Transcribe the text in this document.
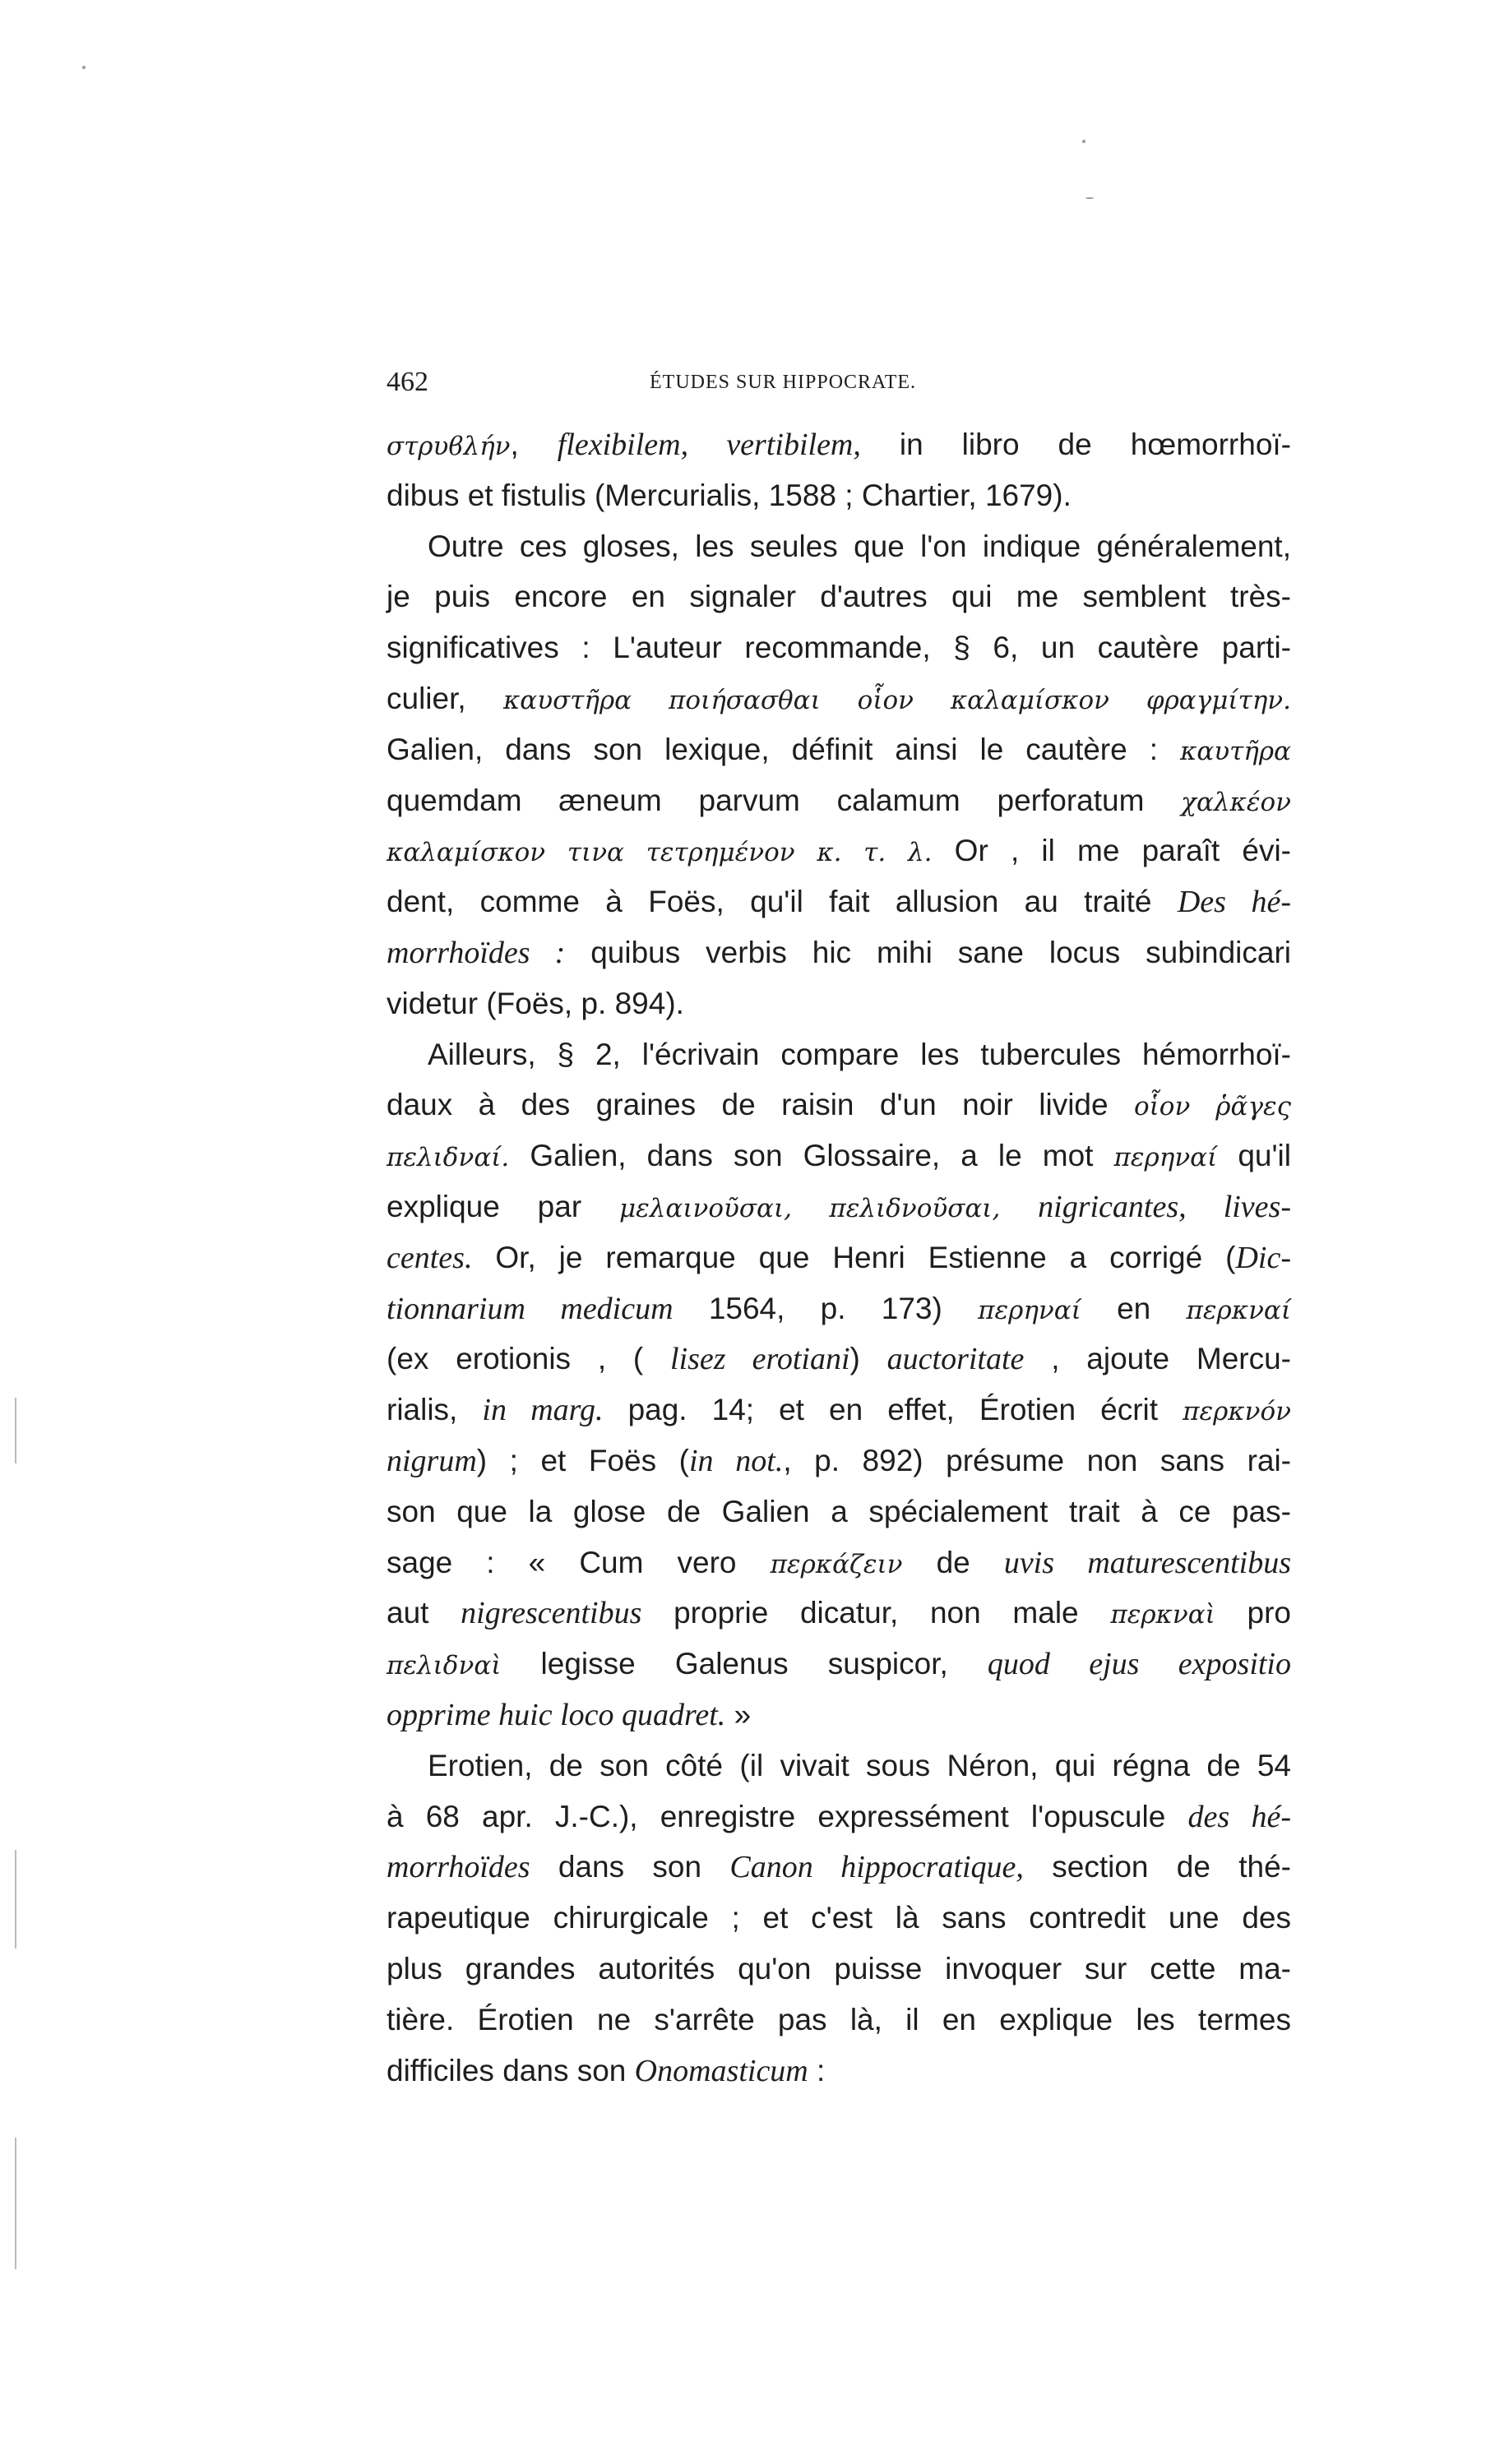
462	ÉTUDES SUR HIPPOCRATE.
στρυϐλήν, flexibilem, vertibilem, in libro de hœmorrhoï-
dibus et fistulis (Mercurialis, 1588 ; Chartier, 1679).
Outre ces gloses, les seules que l'on indique généralement,
je puis encore en signaler d'autres qui me semblent très-
significatives : L'auteur recommande, § 6, un cautère parti-
culier, καυστῆρα ποιήσασθαι οἷον καλαμίσκον φραγμίτην.
Galien, dans son lexique, définit ainsi le cautère : καυτῆρα
quemdam æneum parvum calamum perforatum χαλκέον
καλαμίσκον τινα τετρημένον κ. τ. λ. Or , il me paraît évi-
dent, comme à Foës, qu'il fait allusion au traité Des hé-
morrhoïdes : quibus verbis hic mihi sane locus subindicari
videtur (Foës, p. 894).
Ailleurs, § 2, l'écrivain compare les tubercules hémorrhoï-
daux à des graines de raisin d'un noir livide οἷον ῥᾶγες
πελιδναί. Galien, dans son Glossaire, a le mot περηναί qu'il
explique par μελαινοῦσαι, πελιδνοῦσαι, nigricantes, lives-
centes. Or, je remarque que Henri Estienne a corrigé (Dic-
tionnarium medicum 1564, p. 173) περηναί en περκναί
(ex erotionis , ( lisez erotiani) auctoritate , ajoute Mercu-
rialis, in marg. pag. 14; et en effet, Érotien écrit περκνόν
nigrum) ; et Foës (in not., p. 892) présume non sans rai-
son que la glose de Galien a spécialement trait à ce pas-
sage : « Cum vero περκάζειν de uvis maturescentibus
aut nigrescentibus proprie dicatur, non male περκναὶ pro
πελιδναὶ legisse Galenus suspicor, quod ejus expositio
opprime huic loco quadret. »
Erotien, de son côté (il vivait sous Néron, qui régna de 54
à 68 apr. J.-C.), enregistre expressément l'opuscule des hé-
morrhoïdes dans son Canon hippocratique, section de thé-
rapeutique chirurgicale ; et c'est là sans contredit une des
plus grandes autorités qu'on puisse invoquer sur cette ma-
tière. Érotien ne s'arrête pas là, il en explique les termes
difficiles dans son Onomasticum :
